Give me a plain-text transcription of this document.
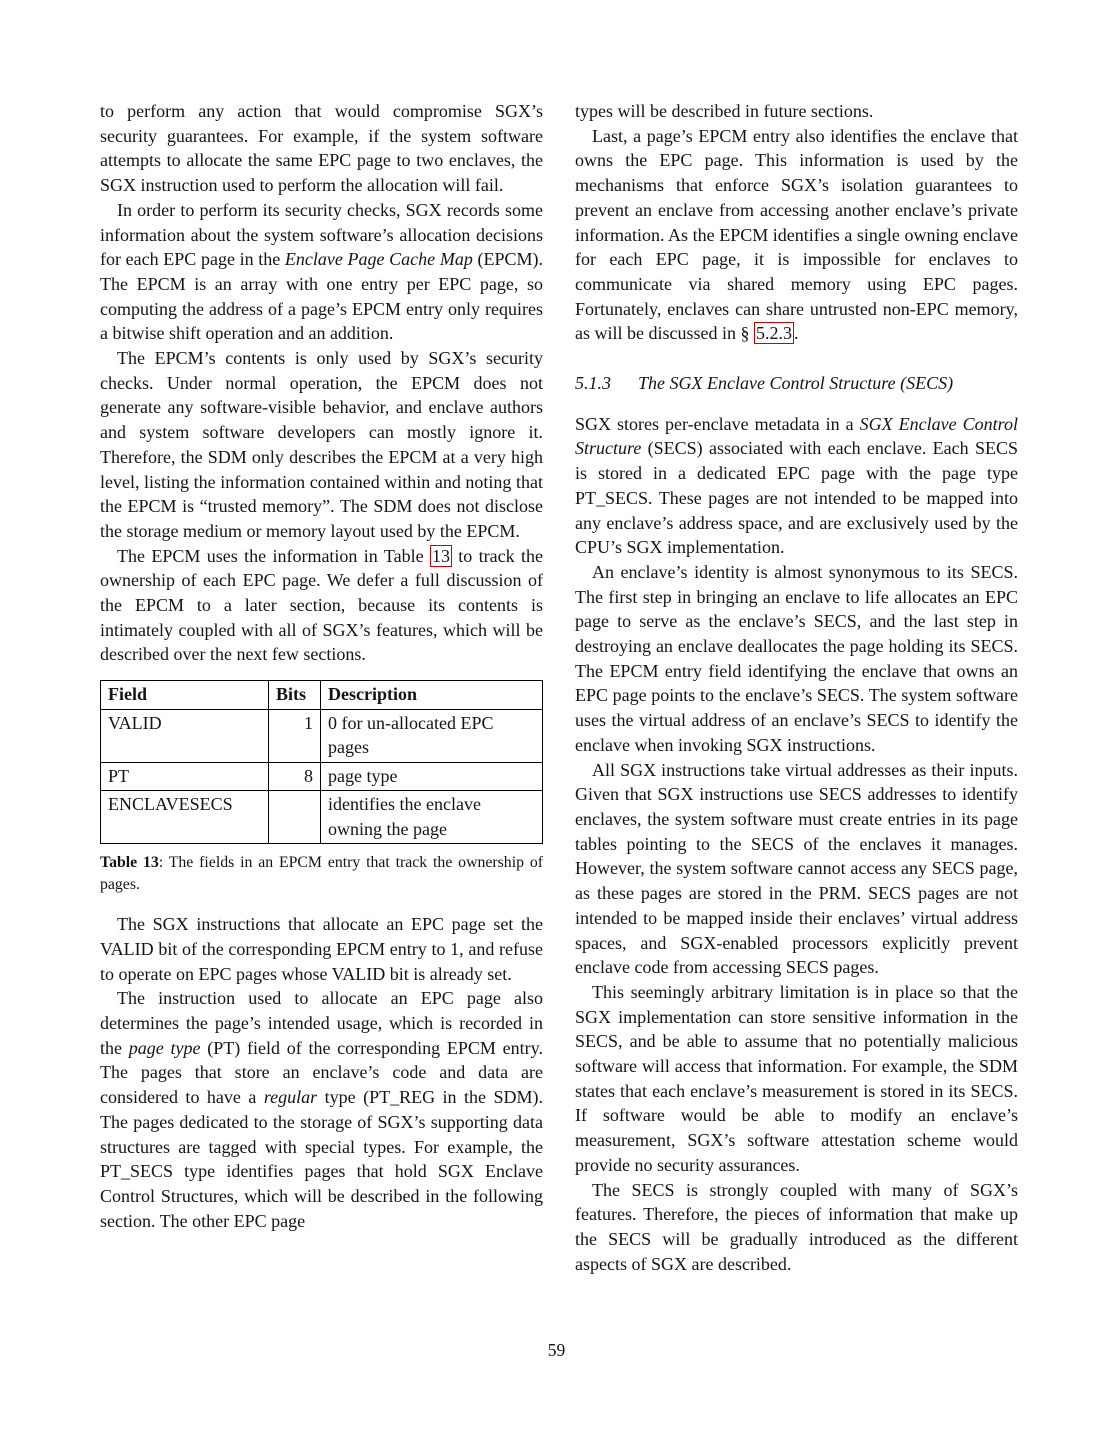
to perform any action that would compromise SGX’s security guarantees. For example, if the system software attempts to allocate the same EPC page to two enclaves, the SGX instruction used to perform the allocation will fail.

In order to perform its security checks, SGX records some information about the system software’s allocation decisions for each EPC page in the Enclave Page Cache Map (EPCM). The EPCM is an array with one entry per EPC page, so computing the address of a page’s EPCM entry only requires a bitwise shift operation and an addition.

The EPCM’s contents is only used by SGX’s security checks. Under normal operation, the EPCM does not generate any software-visible behavior, and enclave authors and system software developers can mostly ignore it. Therefore, the SDM only describes the EPCM at a very high level, listing the information contained within and noting that the EPCM is “trusted memory”. The SDM does not disclose the storage medium or memory layout used by the EPCM.

The EPCM uses the information in Table 13 to track the ownership of each EPC page. We defer a full discussion of the EPCM to a later section, because its contents is intimately coupled with all of SGX’s features, which will be described over the next few sections.

Field	Bits	Description
VALID	1	0 for un-allocated EPC pages
PT	8	page type
ENCLAVESECS		identifies the enclave owning the page
Table 13: The fields in an EPCM entry that track the ownership of pages.

The SGX instructions that allocate an EPC page set the VALID bit of the corresponding EPCM entry to 1, and refuse to operate on EPC pages whose VALID bit is already set.

The instruction used to allocate an EPC page also determines the page’s intended usage, which is recorded in the page type (PT) field of the corresponding EPCM entry. The pages that store an enclave’s code and data are considered to have a regular type (PT_REG in the SDM). The pages dedicated to the storage of SGX’s supporting data structures are tagged with special types. For example, the PT_SECS type identifies pages that hold SGX Enclave Control Structures, which will be described in the following section. The other EPC page

types will be described in future sections.

Last, a page’s EPCM entry also identifies the enclave that owns the EPC page. This information is used by the mechanisms that enforce SGX’s isolation guarantees to prevent an enclave from accessing another enclave’s private information. As the EPCM identifies a single owning enclave for each EPC page, it is impossible for enclaves to communicate via shared memory using EPC pages. Fortunately, enclaves can share untrusted non-EPC memory, as will be discussed in § 5.2.3 .

5.1.3 The SGX Enclave Control Structure (SECS)

SGX stores per-enclave metadata in a SGX Enclave Control Structure (SECS) associated with each enclave. Each SECS is stored in a dedicated EPC page with the page type PT_SECS. These pages are not intended to be mapped into any enclave’s address space, and are exclusively used by the CPU’s SGX implementation.

An enclave’s identity is almost synonymous to its SECS. The first step in bringing an enclave to life allocates an EPC page to serve as the enclave’s SECS, and the last step in destroying an enclave deallocates the page holding its SECS. The EPCM entry field identifying the enclave that owns an EPC page points to the enclave’s SECS. The system software uses the virtual address of an enclave’s SECS to identify the enclave when invoking SGX instructions.

All SGX instructions take virtual addresses as their inputs. Given that SGX instructions use SECS addresses to identify enclaves, the system software must create entries in its page tables pointing to the SECS of the enclaves it manages. However, the system software cannot access any SECS page, as these pages are stored in the PRM. SECS pages are not intended to be mapped inside their enclaves’ virtual address spaces, and SGX-enabled processors explicitly prevent enclave code from accessing SECS pages.

This seemingly arbitrary limitation is in place so that the SGX implementation can store sensitive information in the SECS, and be able to assume that no potentially malicious software will access that information. For example, the SDM states that each enclave’s measurement is stored in its SECS. If software would be able to modify an enclave’s measurement, SGX’s software attestation scheme would provide no security assurances.

The SECS is strongly coupled with many of SGX’s features. Therefore, the pieces of information that make up the SECS will be gradually introduced as the different aspects of SGX are described.

59
